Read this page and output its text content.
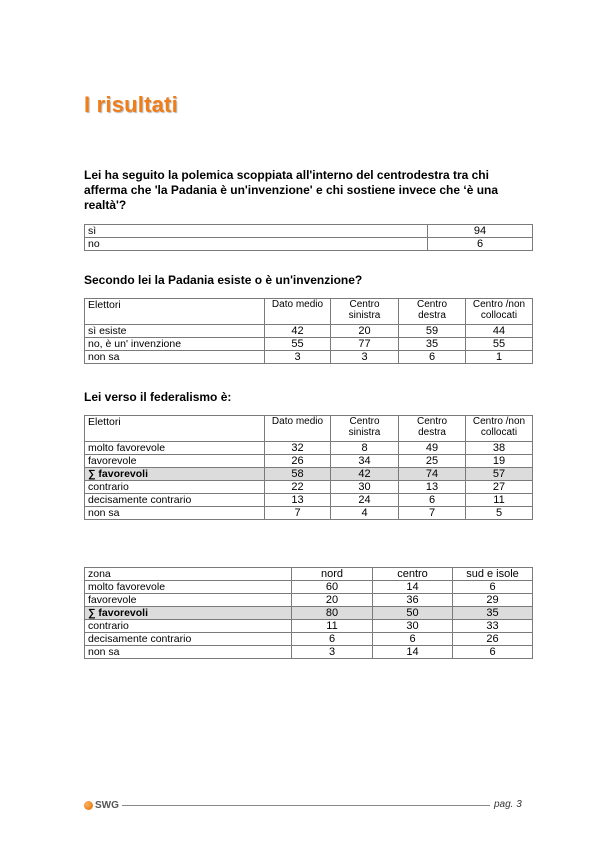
I risultati

Lei ha seguito la polemica scoppiata all'interno del centrodestra tra chi afferma che 'la Padania è un'invenzione' e chi sostiene invece che ‘è una realtà'?

sì	94
no	6

Secondo lei la Padania esiste o è un'invenzione?

Elettori	Dato medio	Centro sinistra	Centro destra	Centro /non collocati
sì esiste	42	20	59	44
no, è un' invenzione	55	77	35	55
non sa	3	3	6	1

Lei verso il federalismo è:

Elettori	Dato medio	Centro sinistra	Centro destra	Centro /non collocati
molto favorevole	32	8	49	38
favorevole	26	34	25	19
∑ favorevoli	58	42	74	57
contrario	22	30	13	27
decisamente contrario	13	24	6	11
non sa	7	4	7	5
zona	nord	centro	sud e isole
molto favorevole	60	14	6
favorevole	20	36	29
∑ favorevoli	80	50	35
contrario	11	30	33
decisamente contrario	6	6	26
non sa	3	14	6
SWG	pag. 3
